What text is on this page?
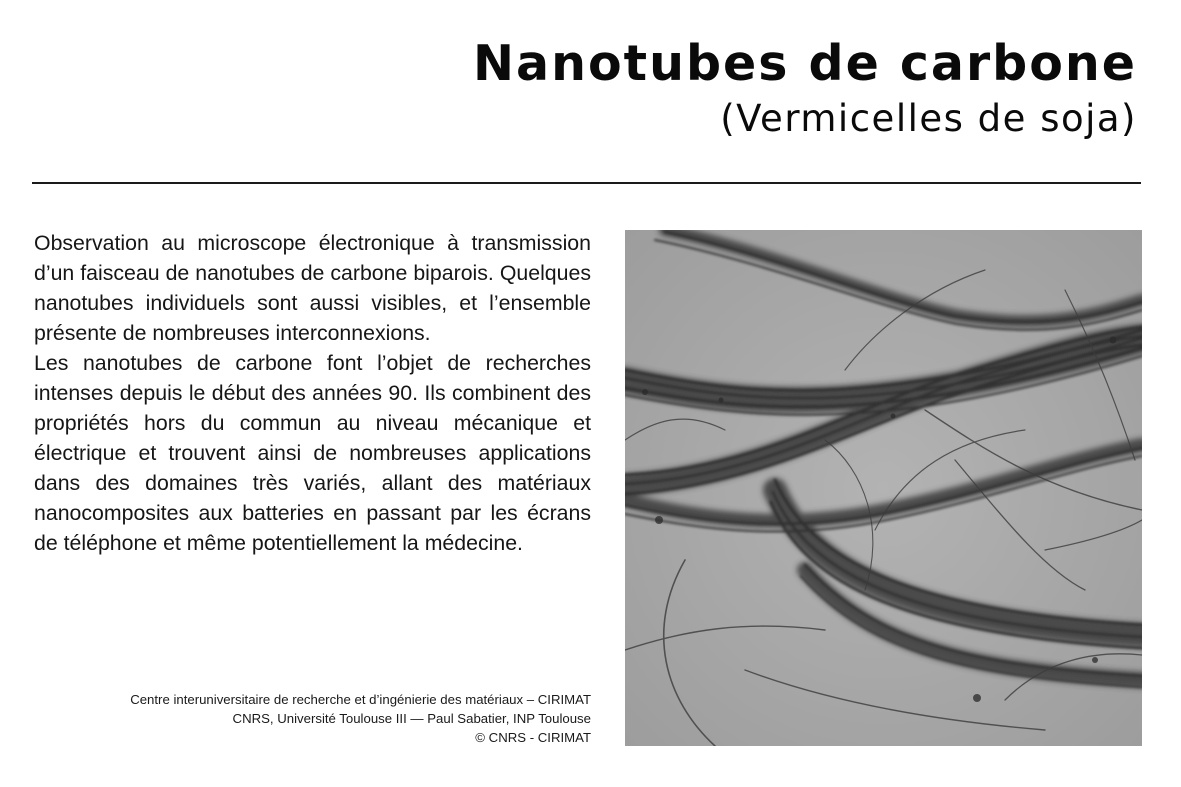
Nanotubes de carbone
(Vermicelles de soja)

Observation au microscope électronique à transmission d’un faisceau de nanotubes de carbone biparois. Quelques nanotubes individuels sont aussi visibles, et l’ensemble présente de nombreuses interconnexions.

Les nanotubes de carbone font l’objet de recherches intenses depuis le début des années 90. Ils combinent des propriétés hors du commun au niveau mécanique et électrique et trouvent ainsi de nombreuses applications dans des domaines très variés, allant des matériaux nanocomposites aux batteries en passant par les écrans de téléphone et même potentiellement la médecine.

Centre interuniversitaire de recherche et d’ingénierie des matériaux – CIRIMAT
CNRS, Université Toulouse III — Paul Sabatier, INP Toulouse
© CNRS - CIRIMAT
